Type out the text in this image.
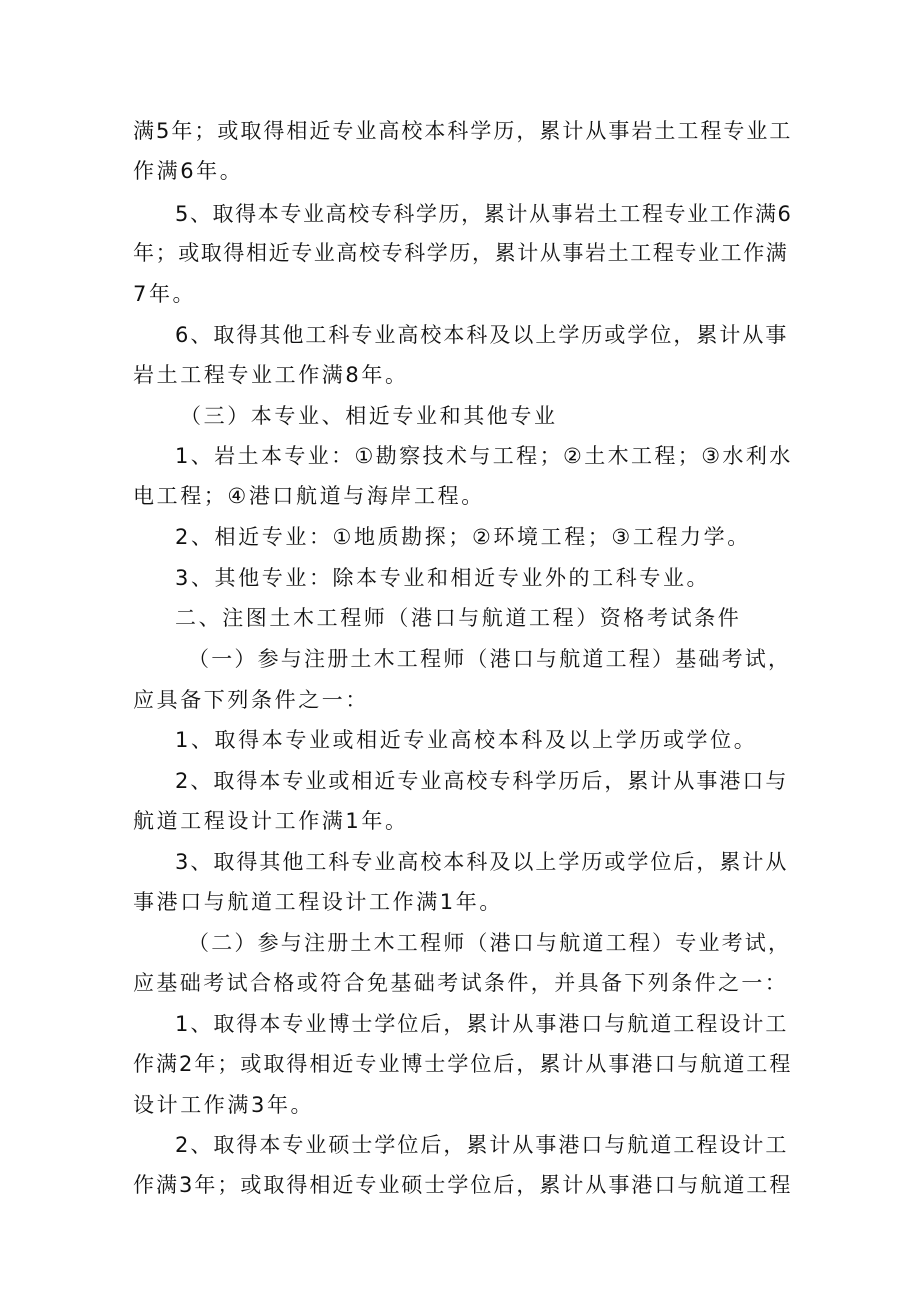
满5年；或取得相近专业高校本科学历，累计从事岩土工程专业工
作满6年。
5、取得本专业高校专科学历，累计从事岩土工程专业工作满6
年；或取得相近专业高校专科学历，累计从事岩土工程专业工作满
7年。
6、取得其他工科专业高校本科及以上学历或学位，累计从事
岩土工程专业工作满8年。
（三）本专业、相近专业和其他专业
1、岩土本专业：①勘察技术与工程；②土木工程；③水利水
电工程；④港口航道与海岸工程。
2、相近专业：①地质勘探；②环境工程；③工程力学。
3、其他专业：除本专业和相近专业外的工科专业。
二、注图土木工程师（港口与航道工程）资格考试条件
（一）参与注册土木工程师（港口与航道工程）基础考试，
应具备下列条件之一：
1、取得本专业或相近专业高校本科及以上学历或学位。
2、取得本专业或相近专业高校专科学历后，累计从事港口与
航道工程设计工作满1年。
3、取得其他工科专业高校本科及以上学历或学位后，累计从
事港口与航道工程设计工作满1年。
（二）参与注册土木工程师（港口与航道工程）专业考试，
应基础考试合格或符合免基础考试条件，并具备下列条件之一：
1、取得本专业博士学位后，累计从事港口与航道工程设计工
作满2年；或取得相近专业博士学位后，累计从事港口与航道工程
设计工作满3年。
2、取得本专业硕士学位后，累计从事港口与航道工程设计工
作满3年；或取得相近专业硕士学位后，累计从事港口与航道工程
